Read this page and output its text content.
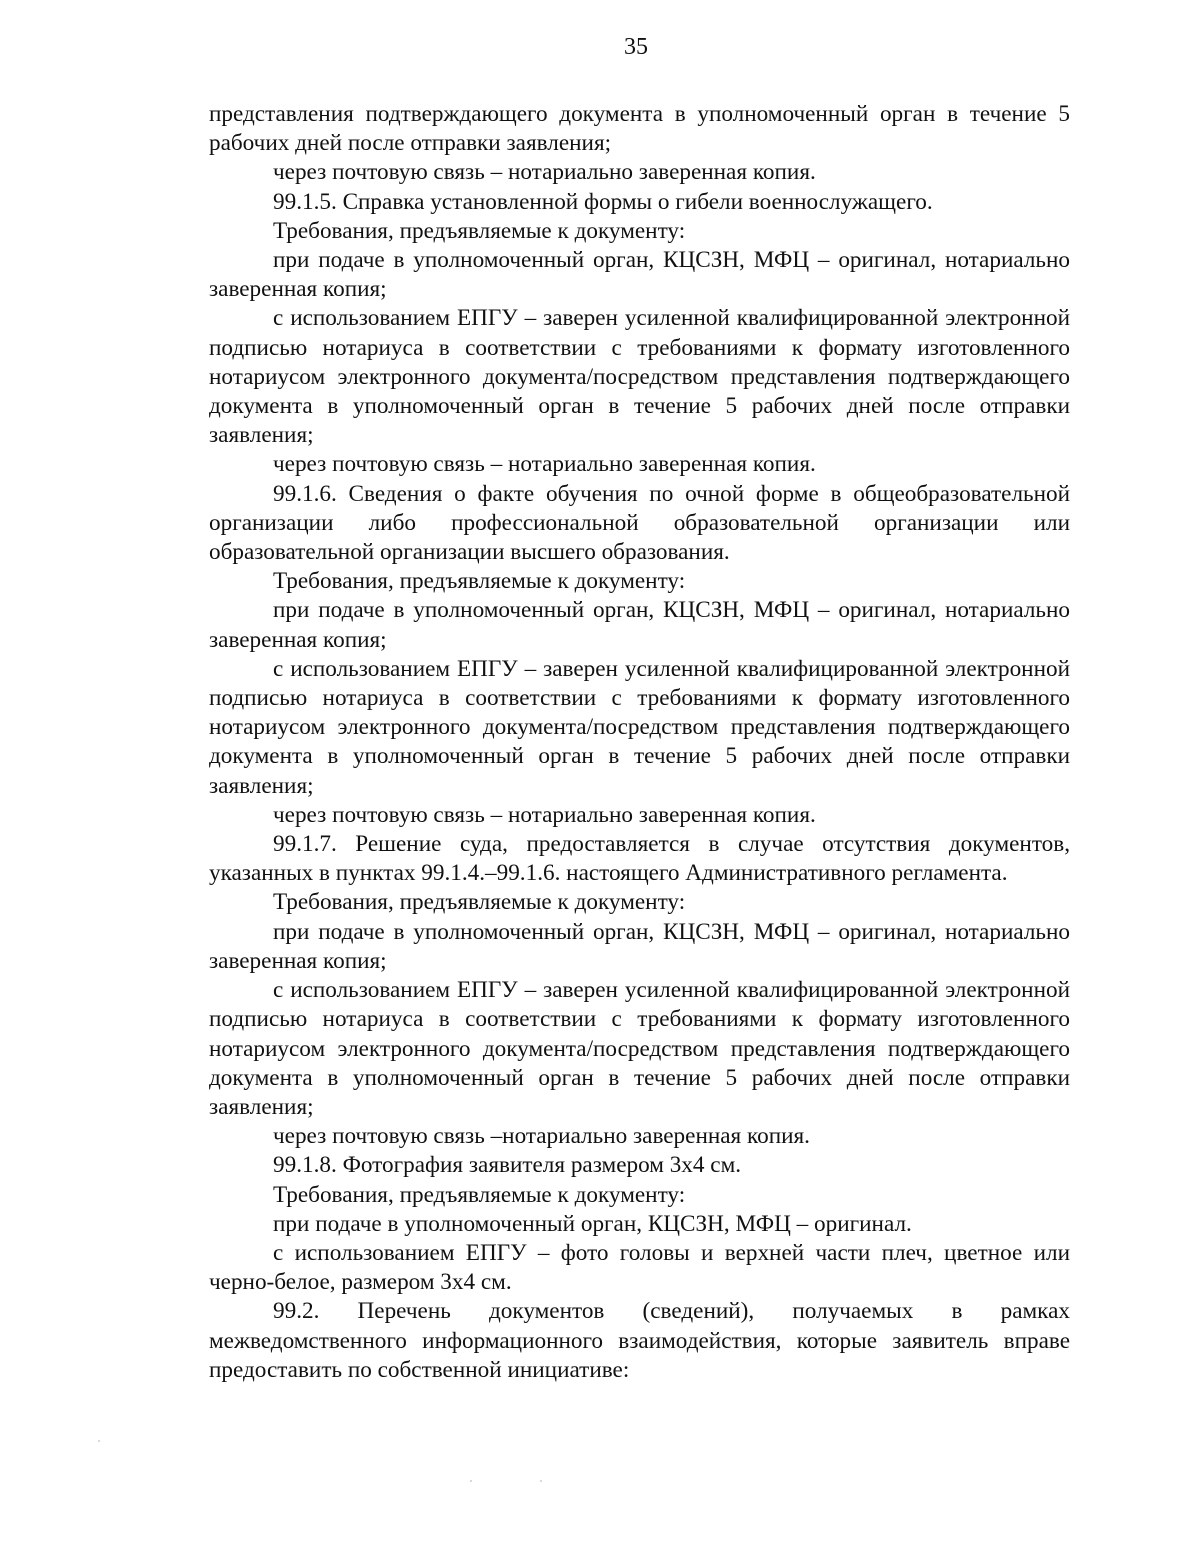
35

представления подтверждающего документа в уполномоченный орган в течение 5 рабочих дней после отправки заявления;

через почтовую связь – нотариально заверенная копия.

99.1.5. Справка установленной формы о гибели военнослужащего.

Требования, предъявляемые к документу:

при подаче в уполномоченный орган, КЦСЗН, МФЦ – оригинал, нотариально заверенная копия;

с использованием ЕПГУ – заверен усиленной квалифицированной электронной подписью нотариуса в соответствии с требованиями к формату изготовленного нотариусом электронного документа/посредством представления подтверждающего документа в уполномоченный орган в течение 5 рабочих дней после отправки заявления;

через почтовую связь – нотариально заверенная копия.

99.1.6. Сведения о факте обучения по очной форме в общеобразовательной организации либо профессиональной образовательной организации или образовательной организации высшего образования.

Требования, предъявляемые к документу:

при подаче в уполномоченный орган, КЦСЗН, МФЦ – оригинал, нотариально заверенная копия;

с использованием ЕПГУ – заверен усиленной квалифицированной электронной подписью нотариуса в соответствии с требованиями к формату изготовленного нотариусом электронного документа/посредством представления подтверждающего документа в уполномоченный орган в течение 5 рабочих дней после отправки заявления;

через почтовую связь – нотариально заверенная копия.

99.1.7. Решение суда, предоставляется в случае отсутствия документов, указанных в пунктах 99.1.4.–99.1.6. настоящего Административного регламента.

Требования, предъявляемые к документу:

при подаче в уполномоченный орган, КЦСЗН, МФЦ – оригинал, нотариально заверенная копия;

с использованием ЕПГУ – заверен усиленной квалифицированной электронной подписью нотариуса в соответствии с требованиями к формату изготовленного нотариусом электронного документа/посредством представления подтверждающего документа в уполномоченный орган в течение 5 рабочих дней после отправки заявления;

через почтовую связь –нотариально заверенная копия.

99.1.8. Фотография заявителя размером 3х4 см.

Требования, предъявляемые к документу:

при подаче в уполномоченный орган, КЦСЗН, МФЦ – оригинал.

с использованием ЕПГУ – фото головы и верхней части плеч, цветное или черно-белое, размером 3х4 см.

99.2. Перечень документов (сведений), получаемых в рамках межведомственного информационного взаимодействия, которые заявитель вправе предоставить по собственной инициативе:
